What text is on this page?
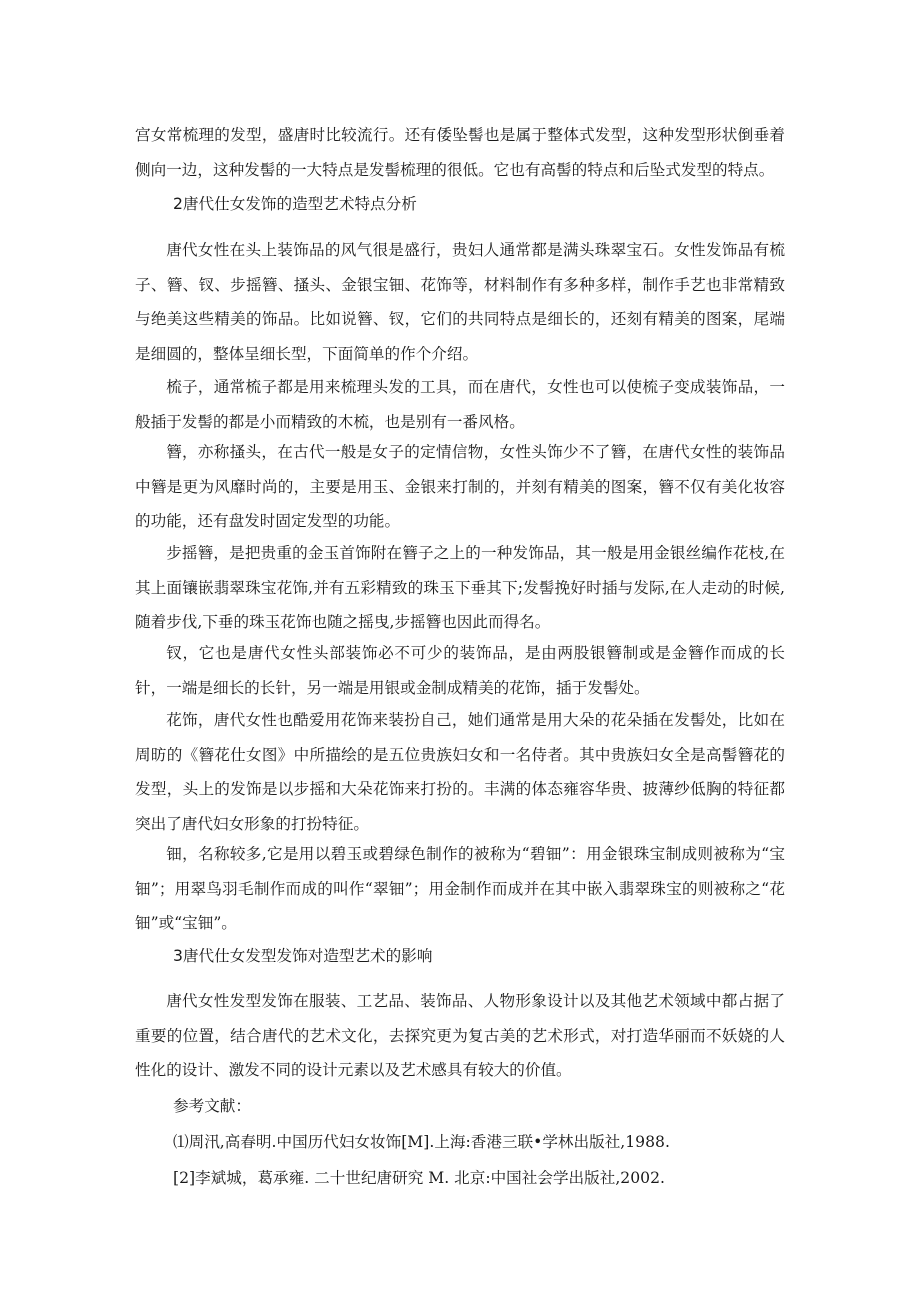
宫女常梳理的发型，盛唐时比较流行。还有倭坠髻也是属于整体式发型，这种发型形状倒垂着侧向一边，这种发髻的一大特点是发髻梳理的很低。它也有高髻的特点和后坠式发型的特点。

2唐代仕女发饰的造型艺术特点分析

唐代女性在头上装饰品的风气很是盛行，贵妇人通常都是满头珠翠宝石。女性发饰品有梳子、簪、钗、步摇簪、搔头、金银宝钿、花饰等，材料制作有多种多样，制作手艺也非常精致与绝美这些精美的饰品。比如说簪、钗，它们的共同特点是细长的，还刻有精美的图案，尾端是细圆的，整体呈细长型，下面简单的作个介绍。

梳子，通常梳子都是用来梳理头发的工具，而在唐代，女性也可以使梳子变成装饰品，一般插于发髻的都是小而精致的木梳，也是别有一番风格。

簪，亦称搔头，在古代一般是女子的定情信物，女性头饰少不了簪，在唐代女性的装饰品中簪是更为风靡时尚的，主要是用玉、金银来打制的，并刻有精美的图案，簪不仅有美化妆容的功能，还有盘发时固定发型的功能。

步摇簪，是把贵重的金玉首饰附在簪子之上的一种发饰品，其一般是用金银丝编作花枝,在其上面镶嵌翡翠珠宝花饰,并有五彩精致的珠玉下垂其下;发髻挽好时插与发际,在人走动的时候,随着步伐,下垂的珠玉花饰也随之摇曳,步摇簪也因此而得名。

钗，它也是唐代女性头部装饰必不可少的装饰品，是由两股银簪制或是金簪作而成的长针，一端是细长的长针，另一端是用银或金制成精美的花饰，插于发髻处。

花饰，唐代女性也酷爱用花饰来装扮自己，她们通常是用大朵的花朵插在发髻处，比如在周昉的《簪花仕女图》中所描绘的是五位贵族妇女和一名侍者。其中贵族妇女全是高髻簪花的发型，头上的发饰是以步摇和大朵花饰来打扮的。丰满的体态雍容华贵、披薄纱低胸的特征都突出了唐代妇女形象的打扮特征。

钿，名称较多,它是用以碧玉或碧绿色制作的被称为“碧钿”：用金银珠宝制成则被称为“宝钿”；用翠鸟羽毛制作而成的叫作“翠钿”；用金制作而成并在其中嵌入翡翠珠宝的则被称之“花钿”或“宝钿”。

3唐代仕女发型发饰对造型艺术的影响

唐代女性发型发饰在服装、工艺品、装饰品、人物形象设计以及其他艺术领域中都占据了重要的位置，结合唐代的艺术文化，去探究更为复古美的艺术形式，对打造华丽而不妖娆的人性化的设计、激发不同的设计元素以及艺术感具有较大的价值。

参考文献：

⑴周汛,高春明.中国历代妇女妆饰[M].上海:香港三联•学林出版社,1988.

[2]李斌城，葛承雍. 二十世纪唐研究 M. 北京:中国社会学出版社,2002.
